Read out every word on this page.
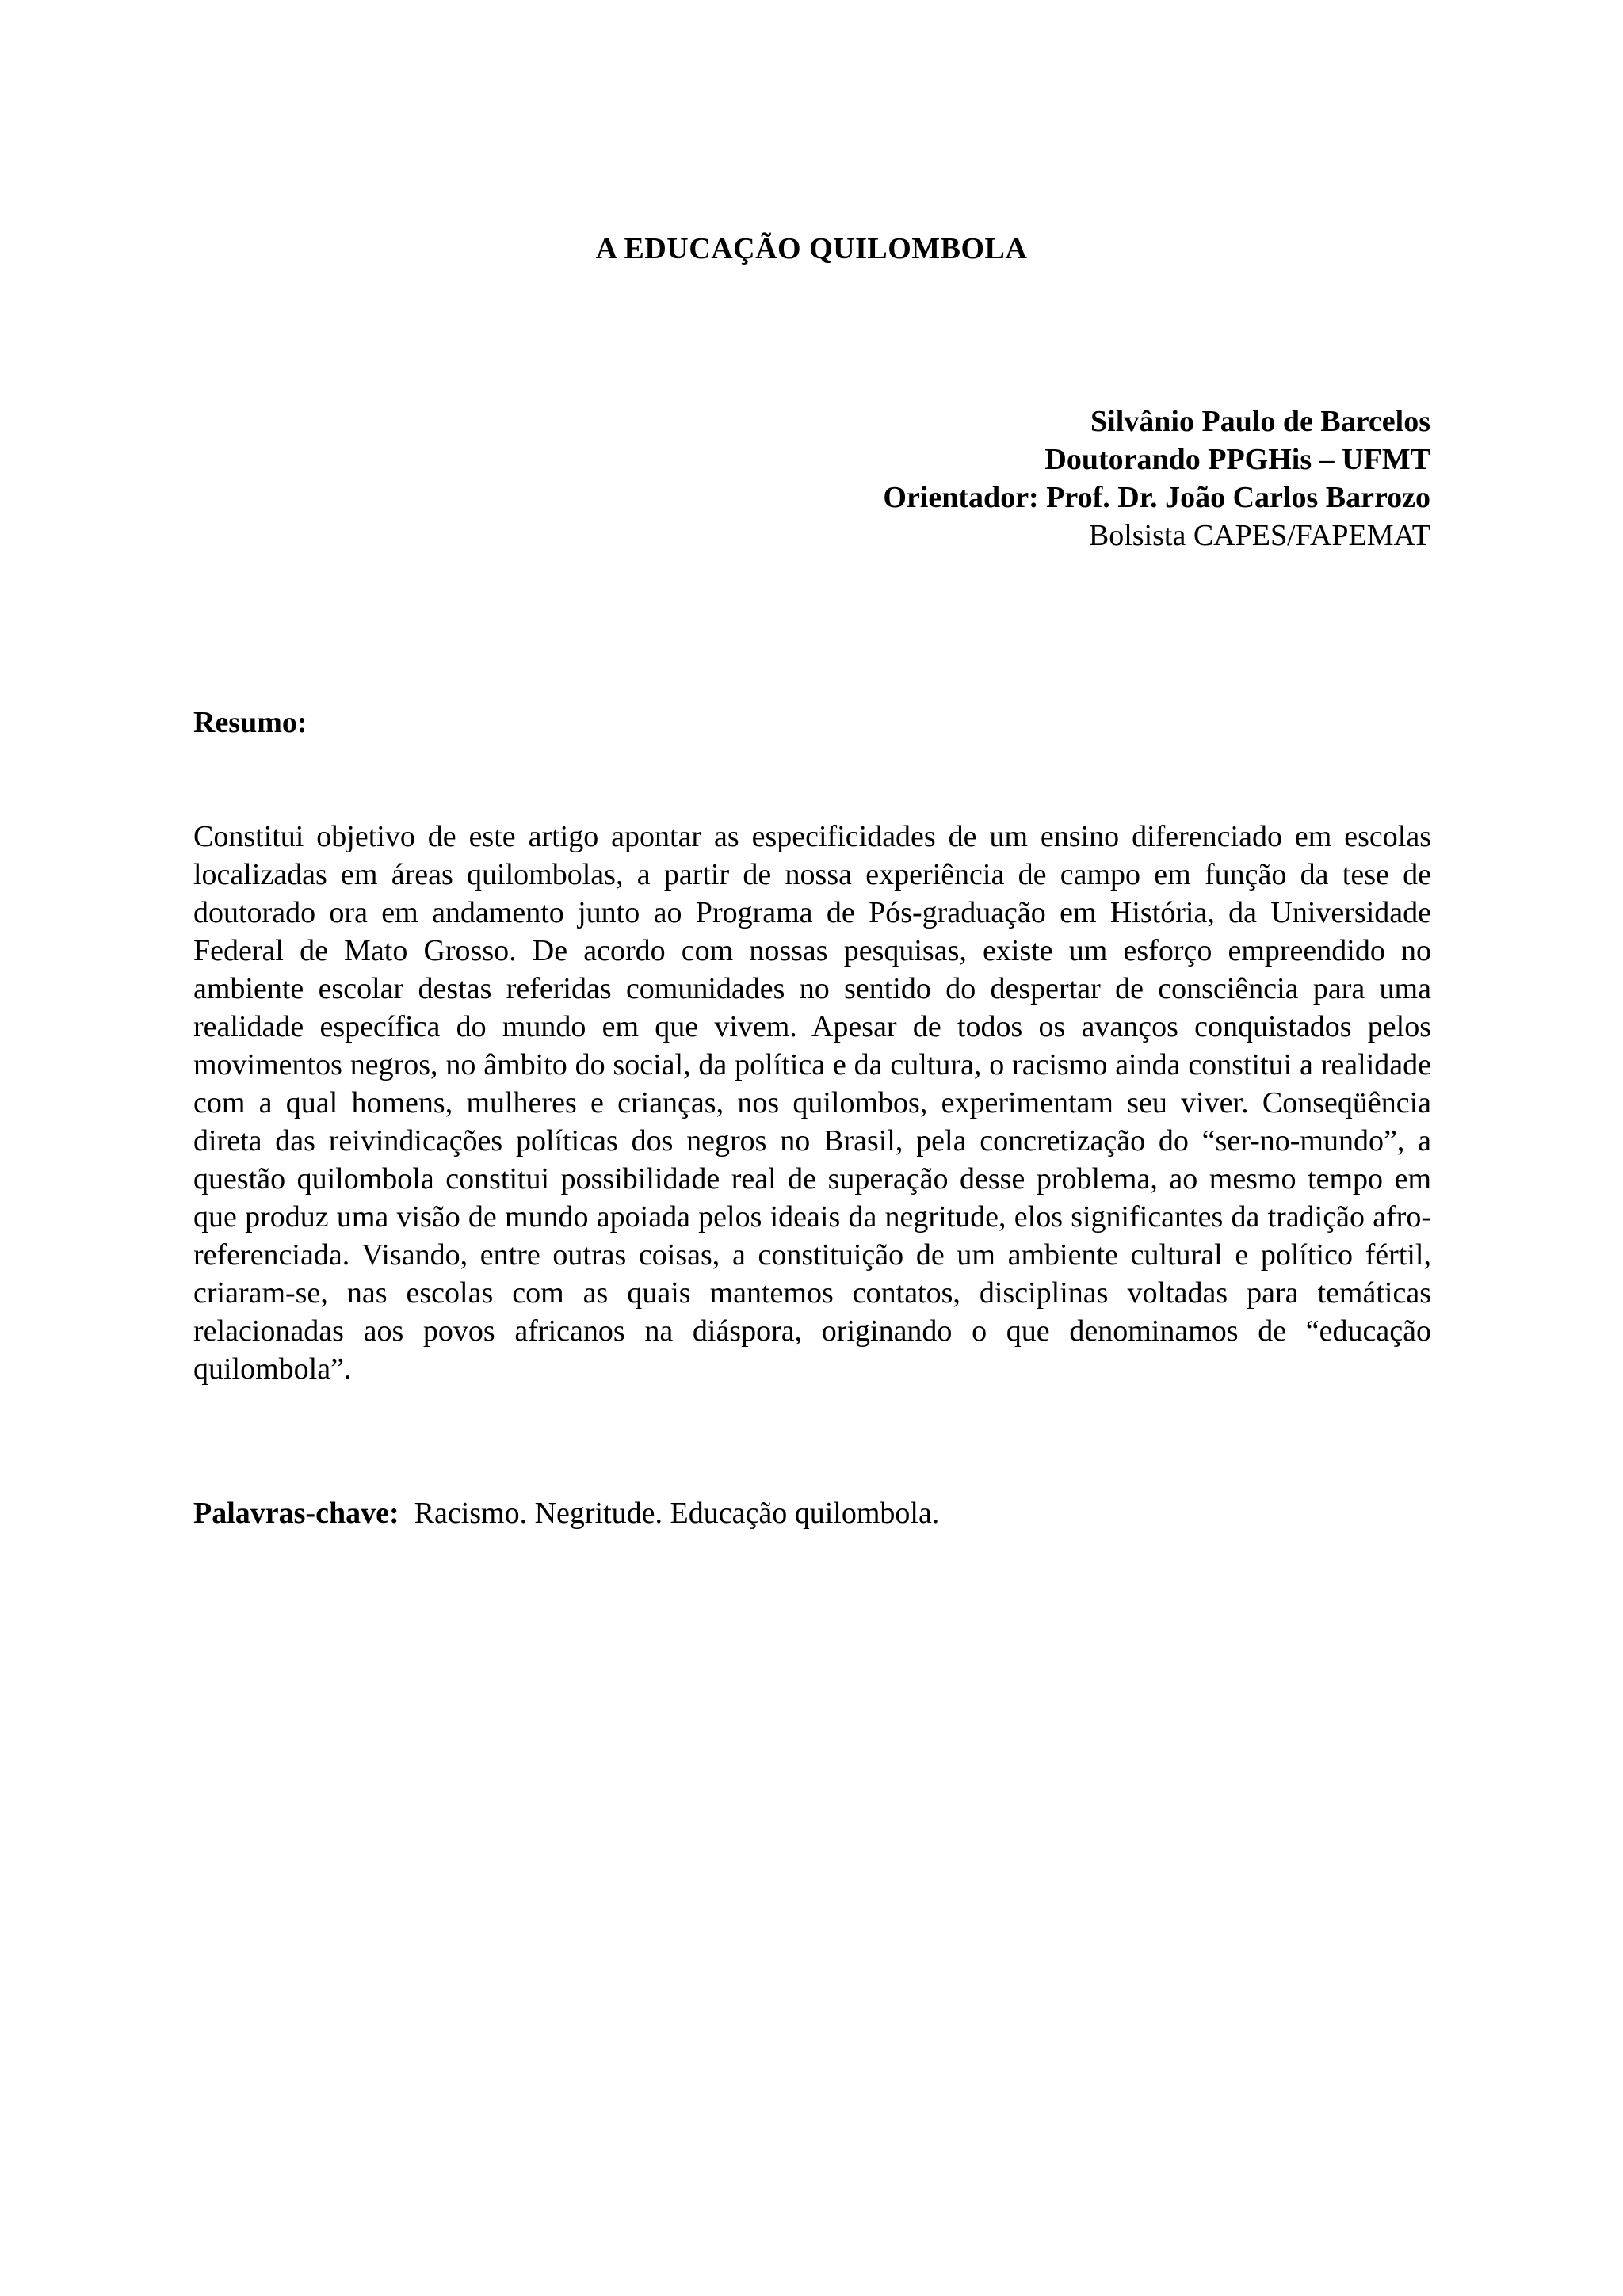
A EDUCAÇÃO QUILOMBOLA
Silvânio Paulo de Barcelos
Doutorando PPGHis – UFMT
Orientador: Prof. Dr. João Carlos Barrozo
Bolsista CAPES/FAPEMAT
Resumo:

Constitui objetivo de este artigo apontar as especificidades de um ensino diferenciado em escolas localizadas em áreas quilombolas, a partir de nossa experiência de campo em função da tese de doutorado ora em andamento junto ao Programa de Pós-graduação em História, da Universidade Federal de Mato Grosso. De acordo com nossas pesquisas, existe um esforço empreendido no ambiente escolar destas referidas comunidades no sentido do despertar de consciência para uma realidade específica do mundo em que vivem. Apesar de todos os avanços conquistados pelos movimentos negros, no âmbito do social, da política e da cultura, o racismo ainda constitui a realidade com a qual homens, mulheres e crianças, nos quilombos, experimentam seu viver. Conseqüência direta das reivindicações políticas dos negros no Brasil, pela concretização do “ser-no-mundo”, a questão quilombola constitui possibilidade real de superação desse problema, ao mesmo tempo em que produz uma visão de mundo apoiada pelos ideais da negritude, elos significantes da tradição afro-referenciada. Visando, entre outras coisas, a constituição de um ambiente cultural e político fértil, criaram-se, nas escolas com as quais mantemos contatos, disciplinas voltadas para temáticas relacionadas aos povos africanos na diáspora, originando o que denominamos de “educação quilombola”.

Palavras-chave: Racismo. Negritude. Educação quilombola.
